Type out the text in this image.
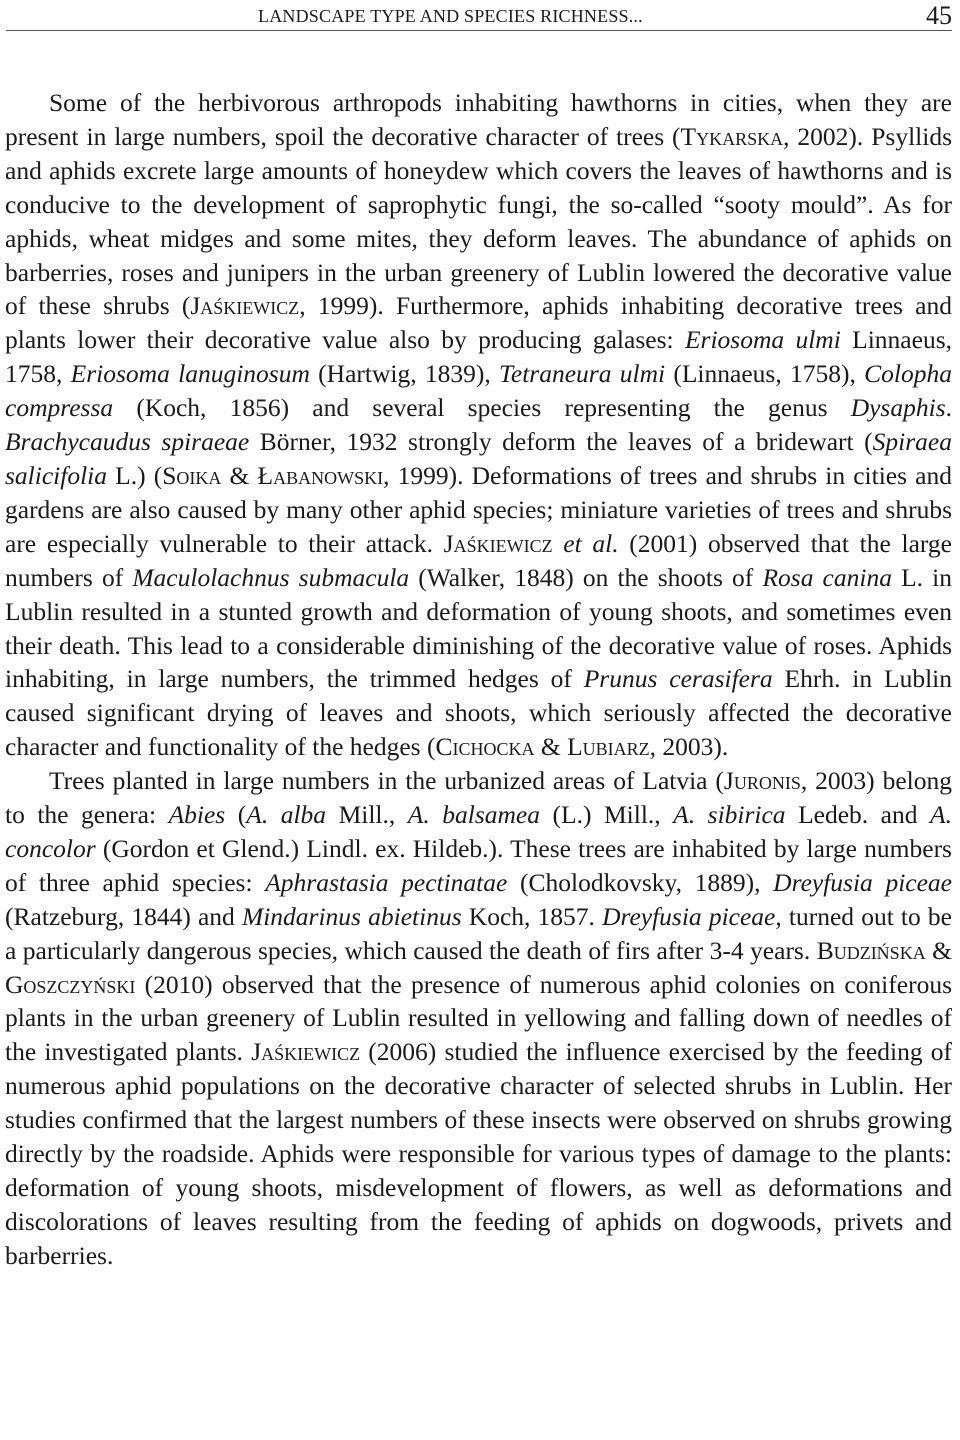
LANDSCAPE TYPE AND SPECIES RICHNESS...	45

Some of the herbivorous arthropods inhabiting hawthorns in cities, when they are present in large numbers, spoil the decorative character of trees (Tykarska, 2002). Psyllids and aphids excrete large amounts of honeydew which covers the leaves of hawthorns and is conducive to the development of saprophytic fungi, the so-called “sooty mould”. As for aphids, wheat midges and some mites, they deform leaves. The abundance of aphids on barberries, roses and junipers in the urban greenery of Lublin lowered the decorative value of these shrubs (Jaśkiewicz, 1999). Furthermore, aphids inhabiting decorative trees and plants lower their decorative value also by producing galases: Eriosoma ulmi Linnaeus, 1758, Eriosoma lanuginosum (Hartwig, 1839), Tetraneura ulmi (Linnaeus, 1758), Colopha compressa (Koch, 1856) and several species representing the genus Dysaphis. Brachycaudus spiraeae Börner, 1932 strongly deform the leaves of a bridewart (Spiraea salicifolia L.) (Soika & Łabanowski, 1999). Deformations of trees and shrubs in cities and gardens are also caused by many other aphid species; miniature varieties of trees and shrubs are especially vulnerable to their attack. Jaśkiewicz et al. (2001) observed that the large numbers of Maculolachnus submacula (Walker, 1848) on the shoots of Rosa canina L. in Lublin resulted in a stunted growth and deformation of young shoots, and sometimes even their death. This lead to a considerable diminishing of the decorative value of roses. Aphids inhabiting, in large numbers, the trimmed hedges of Prunus cerasifera Ehrh. in Lublin caused significant drying of leaves and shoots, which seriously affected the decorative character and functionality of the hedges (Cichocka & Lubiarz, 2003).

Trees planted in large numbers in the urbanized areas of Latvia (Juronis, 2003) belong to the genera: Abies (A. alba Mill., A. balsamea (L.) Mill., A. sibirica Ledeb. and A. concolor (Gordon et Glend.) Lindl. ex. Hildeb.). These trees are inhabited by large numbers of three aphid species: Aphrastasia pectinatae (Cholodkovsky, 1889), Dreyfusia piceae (Ratzeburg, 1844) and Mindarinus abietinus Koch, 1857. Dreyfusia piceae, turned out to be a particularly dangerous species, which caused the death of firs after 3-4 years. Budzińska & Goszczyński (2010) observed that the presence of numerous aphid colonies on coniferous plants in the urban greenery of Lublin resulted in yellowing and falling down of needles of the investigated plants. Jaśkiewicz (2006) studied the influence exercised by the feeding of numerous aphid populations on the decorative character of selected shrubs in Lublin. Her studies confirmed that the largest numbers of these insects were observed on shrubs growing directly by the roadside. Aphids were responsible for various types of damage to the plants: deformation of young shoots, misdevelopment of flowers, as well as deformations and discolorations of leaves resulting from the feeding of aphids on dogwoods, privets and barberries.
